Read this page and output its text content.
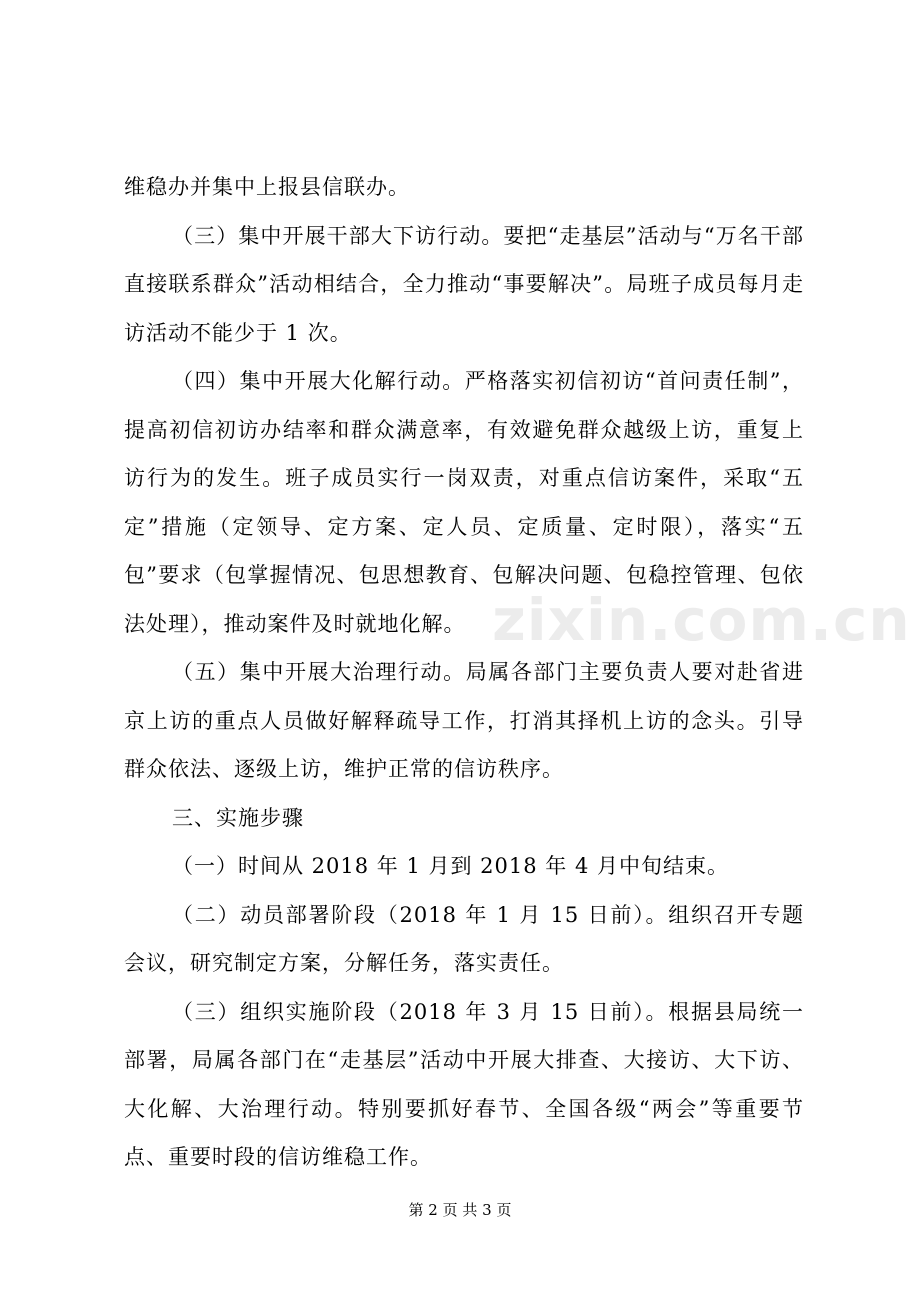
维稳办并集中上报县信联办。

（三）集中开展干部大下访行动。要把“走基层”活动与“万名干部直接联系群众”活动相结合，全力推动“事要解决”。局班子成员每月走访活动不能少于 1 次。

（四）集中开展大化解行动。严格落实初信初访“首问责任制”，提高初信初访办结率和群众满意率，有效避免群众越级上访，重复上访行为的发生。班子成员实行一岗双责，对重点信访案件，采取“五定”措施（定领导、定方案、定人员、定质量、定时限），落实“五包”要求（包掌握情况、包思想教育、包解决问题、包稳控管理、包依法处理），推动案件及时就地化解。

（五）集中开展大治理行动。局属各部门主要负责人要对赴省进京上访的重点人员做好解释疏导工作，打消其择机上访的念头。引导群众依法、逐级上访，维护正常的信访秩序。

三、实施步骤

（一）时间从 2018 年 1 月到 2018 年 4 月中旬结束。

（二）动员部署阶段（2018 年 1 月 15 日前）。组织召开专题会议，研究制定方案，分解任务，落实责任。

（三）组织实施阶段（2018 年 3 月 15 日前）。根据县局统一部署，局属各部门在“走基层”活动中开展大排查、大接访、大下访、大化解、大治理行动。特别要抓好春节、全国各级“两会”等重要节点、重要时段的信访维稳工作。

zixin.com.cn
第 2 页 共 3 页
